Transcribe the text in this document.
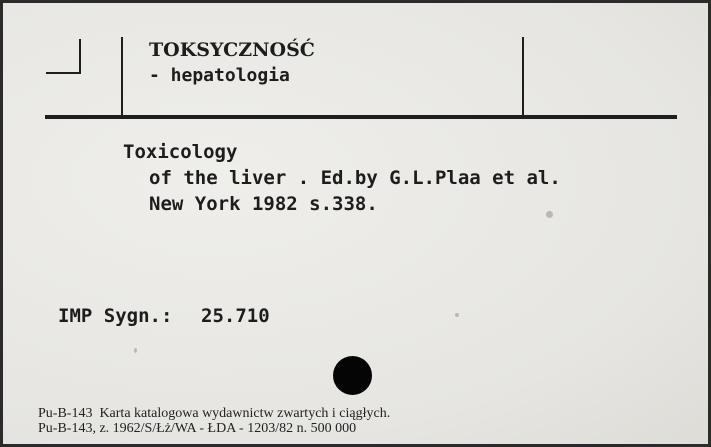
TOKSYCZNOŚĆ
- hepatologia
Toxicology
of the liver . Ed.by G.L.Plaa et al.
New York 1982 s.338.
IMP Sygn.: 25.710
Pu-B-143  Karta katalogowa wydawnictw zwartych i ciągłych.
Pu-B-143, z. 1962/S/Łż/WA - ŁDA - 1203/82 n. 500 000
